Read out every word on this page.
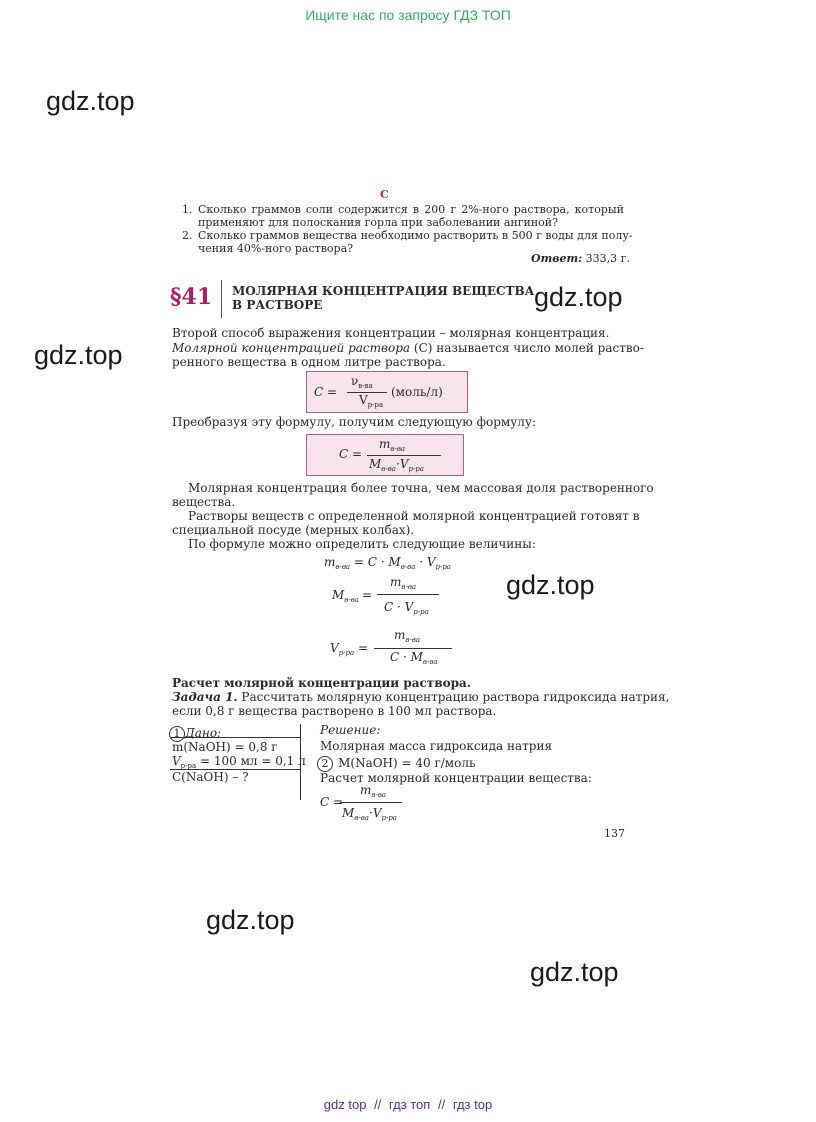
Ищите нас по запросу ГДЗ ТОП
gdz.top
gdz.top
gdz.top
gdz.top
gdz.top
gdz.top
C
1. Сколько граммов соли содержится в 200 г 2%-ного раствора, который
применяют для полоскания горла при заболевании ангиной?
2. Сколько граммов вещества необходимо растворить в 500 г воды для полу-
чения 40%-ного раствора?
Ответ: 333,3 г.
§41 МОЛЯРНАЯ КОНЦЕНТРАЦИЯ ВЕЩЕСТВА
В РАСТВОРЕ
Второй способ выражения концентрации – молярная концентрация.
Молярной концентрацией раствора (С) называется число молей раство-
ренного вещества в одном литре раствора.
C =
$\nu_{в-ва}$
$V_{р-ра}$
(моль/л)
Преобразуя эту формулу, получим следующую формулу:
C =
$m_{в-ва}$
$M_{в-ва}\cdot V_{р-ра}$
Молярная концентрация более точна, чем массовая доля растворенного
вещества.
Растворы веществ с определенной молярной концентрацией готовят в
специальной посуде (мерных колбах).
По формуле можно определить следующие величины:
$m_{в-ва} = C \cdot M_{в-ва} \cdot V_{р-ра}$
$M_{в-ва}$ =
$m_{в-ва}$
$C \cdot V_{р-ра}$
$V_{р-ра}$ =
$m_{в-ва}$
$C \cdot M_{в-ва}$
Расчет молярной концентрации раствора.
Задача 1. Рассчитать молярную концентрацию раствора гидроксида натрия,
если 0,8 г вещества растворено в 100 мл раствора.
1 Дано:
m(NaOH) = 0,8 г
$V_{р-ра} = 100$ мл = 0,1 л
C(NaOH) – ?
Решение:
Молярная масса гидроксида натрия
2 M(NaOH) = 40 г/моль
Расчет молярной концентрации вещества:
C =
$m_{в-ва}$
$M_{в-ва}\cdot V_{р-ра}$
137
gdz top // гдз топ // гдз top
